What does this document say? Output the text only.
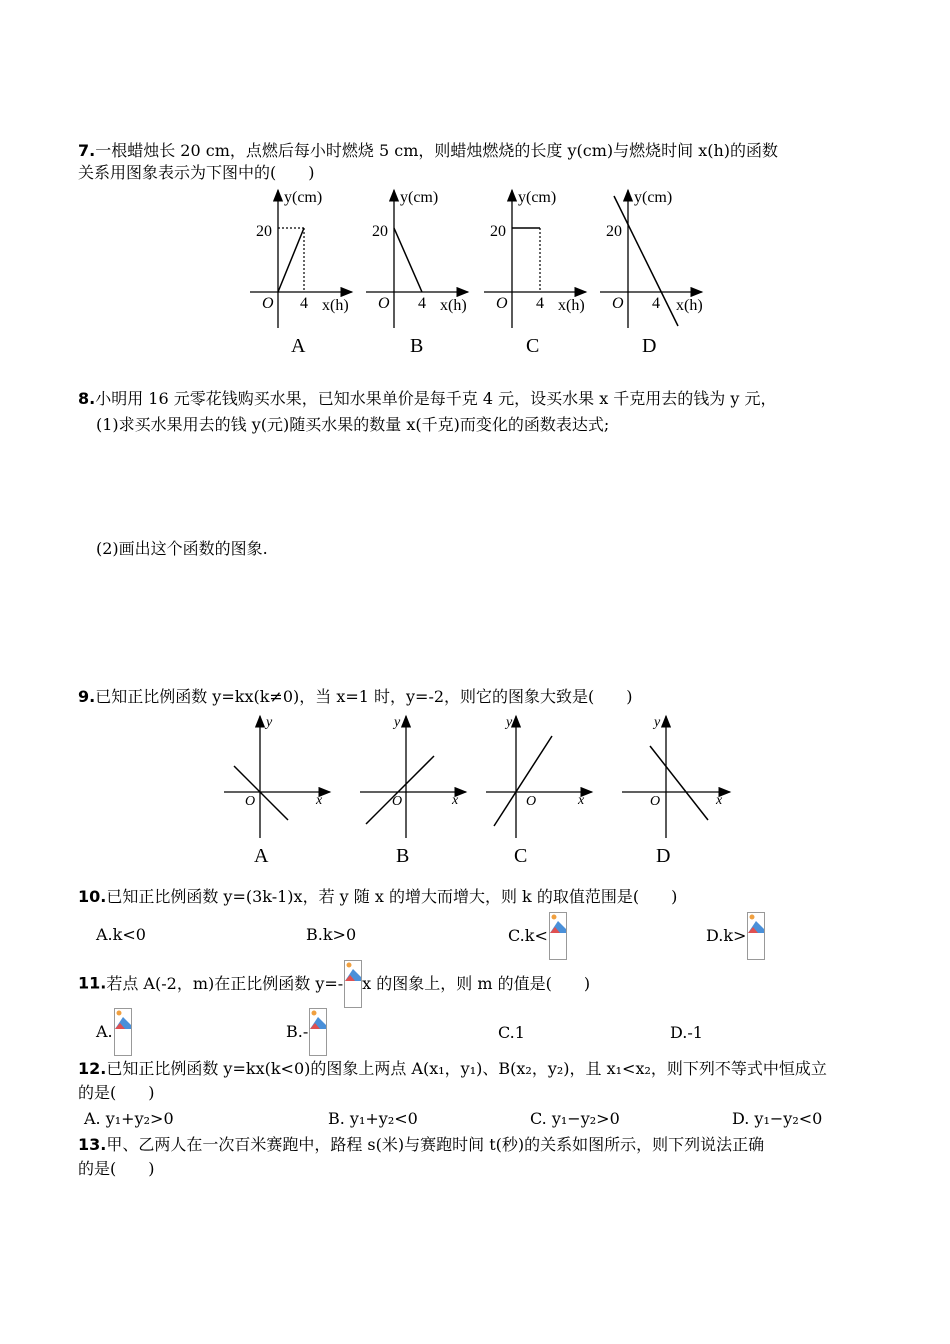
7.一根蜡烛长 20 cm，点燃后每小时燃烧 5 cm，则蜡烛燃烧的长度 y(cm)与燃烧时间 x(h)的函数
关系用图象表示为下图中的(　　)
y(cm)
20
O 4 x(h)
y(cm)
20
O 4 x(h)
y(cm)
20
O 4 x(h)
y(cm)
20
O 4 x(h)
A	B	C	D
8.小明用 16 元零花钱购买水果，已知水果单价是每千克 4 元，设买水果 x 千克用去的钱为 y 元，
(1)求买水果用去的钱 y(元)随买水果的数量 x(千克)而变化的函数表达式;
(2)画出这个函数的图象.
9.已知正比例函数 y=kx(k≠0)，当 x=1 时，y=-2，则它的图象大致是(　　)
y
O	x
y
O	x
y
O	x
y
O	x
A	B	C	D
10.已知正比例函数 y=(3k-1)x，若 y 随 x 的增大而增大，则 k 的取值范围是(　　)
A.k<0	B.k>0	C.k<	D.k>
11.若点 A(-2，m)在正比例函数 y=- x 的图象上，则 m 的值是(　　)
A.	B.-	C.1	D.-1
12.已知正比例函数 y=kx(k<0)的图象上两点 A(x₁，y₁)、B(x₂，y₂)，且 x₁<x₂，则下列不等式中恒成立
的是(　　)
A. y₁+y₂>0	B. y₁+y₂<0	C. y₁−y₂>0	D. y₁−y₂<0
13.甲、乙两人在一次百米赛跑中，路程 s(米)与赛跑时间 t(秒)的关系如图所示，则下列说法正确
的是(　　)
